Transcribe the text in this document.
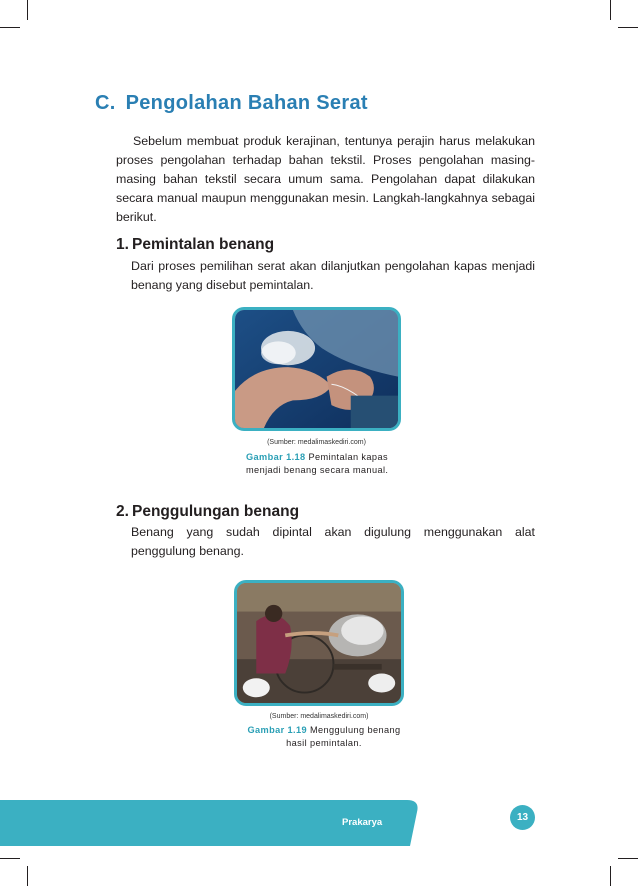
C. Pengolahan Bahan Serat

Sebelum membuat produk kerajinan, tentunya perajin harus melakukan proses pengolahan terhadap bahan tekstil. Proses pengolahan masing-masing bahan tekstil secara umum sama. Pengolahan dapat dilakukan secara manual maupun menggunakan mesin. Langkah-langkahnya sebagai berikut.

1. Pemintalan benang

Dari proses pemilihan serat akan dilanjutkan pengolahan kapas menjadi benang yang disebut pemintalan.

(Sumber: medalimaskediri.com)
Gambar 1.18 Pemintalan kapas menjadi benang secara manual.
2. Penggulungan benang

Benang yang sudah dipintal akan digulung menggunakan alat penggulung benang.

(Sumber: medalimaskediri.com)
Gambar 1.19 Menggulung benang hasil pemintalan.
Prakarya	13
